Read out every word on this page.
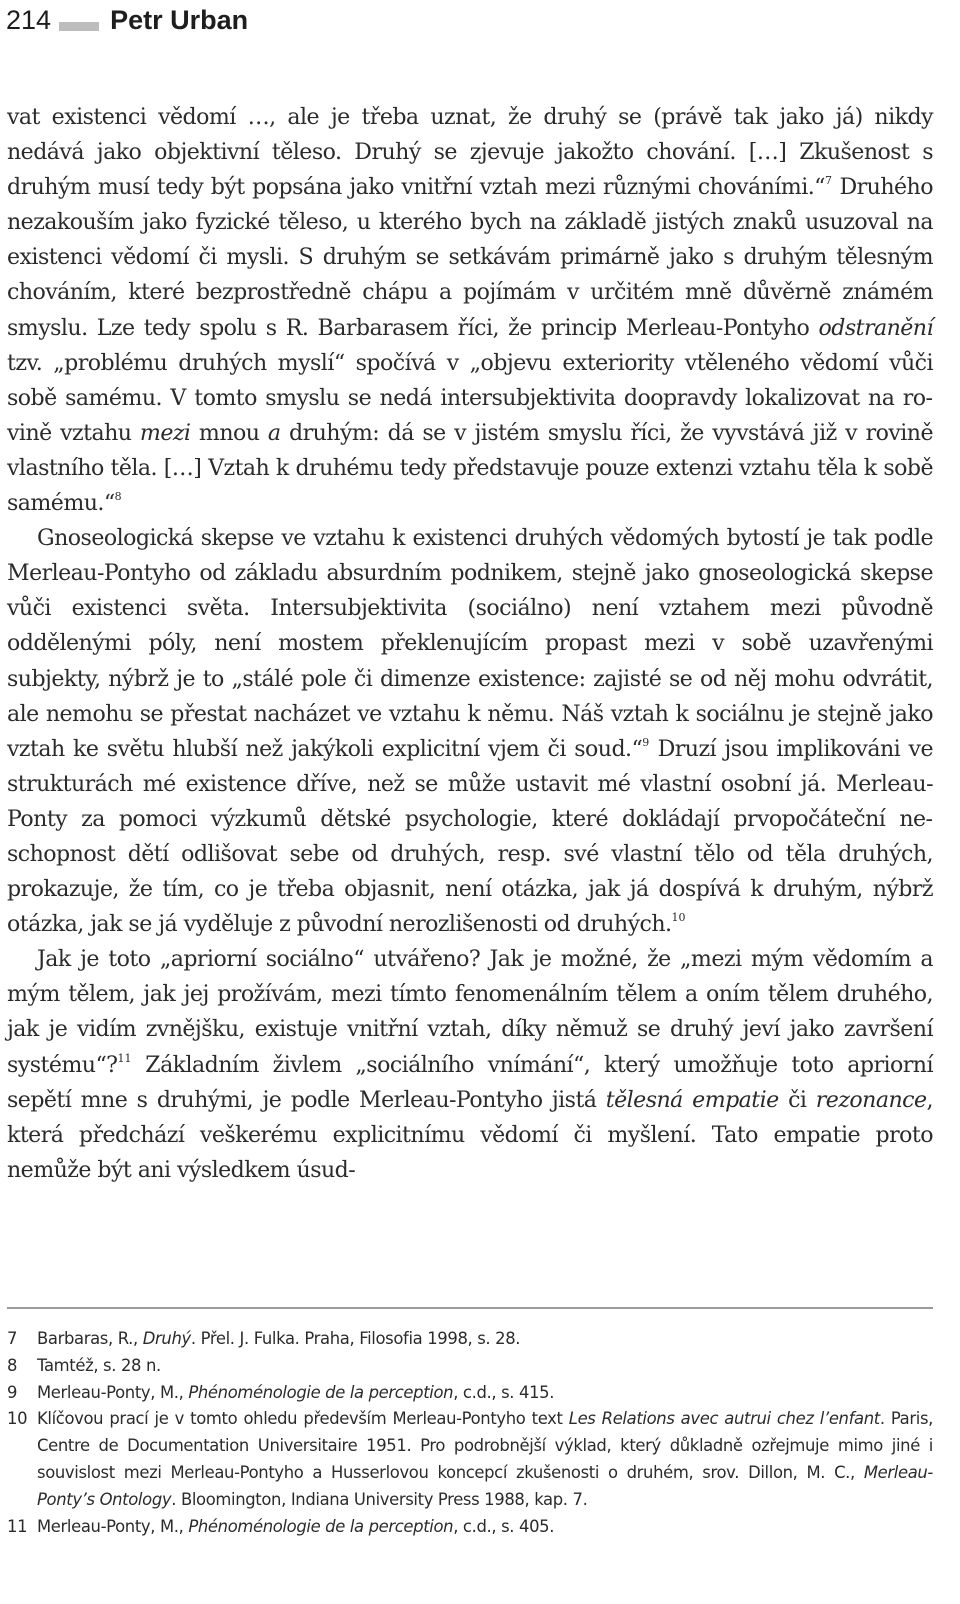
214 Petr Urban

vat existenci vědomí …, ale je třeba uznat, že druhý se (právě tak jako já) nikdy nedává jako objektivní těleso. Druhý se zjevuje jakožto chování. […] Zkušenost s druhým musí tedy být popsána jako vnitřní vztah mezi různými chováními.“$^7$ Druhého nezakouším jako fyzické těleso, u kterého bych na základě jistých znaků usuzoval na existenci vědomí či mysli. S druhým se setkávám primárně jako s druhým tělesným chováním, které bezprostředně chápu a pojímám v určitém mně důvěrně známém smyslu. Lze tedy spolu s R. Barbarasem říci, že princip Merleau-Pontyho odstranění tzv. „problému druhých myslí“ spočívá v „objevu exteriority vtěleného vědomí vůči sobě samému. V tomto smyslu se nedá intersubjektivita doopravdy lokalizovat na rovině vztahu mezi mnou a druhým: dá se v jistém smyslu říci, že vyvstává již v rovině vlastního těla. […] Vztah k druhému tedy představuje pouze extenzi vztahu těla k sobě samému.“$^8$

Gnoseologická skepse ve vztahu k existenci druhých vědomých bytostí je tak podle Merleau-Pontyho od základu absurdním podnikem, stejně jako gnoseologická skepse vůči existenci světa. Intersubjektivita (sociálno) není vztahem mezi původně oddělenými póly, není mostem překlenujícím propast mezi v sobě uzavřenými subjekty, nýbrž je to „stálé pole či dimenze existence: zajisté se od něj mohu odvrátit, ale nemohu se přestat nacházet ve vztahu k němu. Náš vztah k sociálnu je stejně jako vztah ke světu hlubší než jakýkoli explicitní vjem či soud.“$^9$ Druzí jsou implikováni ve strukturách mé existence dříve, než se může ustavit mé vlastní osobní já. Merleau-Ponty za pomoci výzkumů dětské psychologie, které dokládají prvopočáteční neschopnost dětí odlišovat sebe od druhých, resp. své vlastní tělo od těla druhých, prokazuje, že tím, co je třeba objasnit, není otázka, jak já dospívá k druhým, nýbrž otázka, jak se já vyděluje z původní nerozlišenosti od druhých.$^{10}$

Jak je toto „apriorní sociálno“ utvářeno? Jak je možné, že „mezi mým vědomím a mým tělem, jak jej prožívám, mezi tímto fenomenálním tělem a oním tělem druhého, jak je vidím zvnějšku, existuje vnitřní vztah, díky němuž se druhý jeví jako završení systému“?$^{11}$ Základním živlem „sociálního vnímání“, který umožňuje toto apriorní sepětí mne s druhými, je podle Merleau-Pontyho jistá tělesná empatie či rezonance, která předchází veškerému explicitnímu vědomí či myšlení. Tato empatie proto nemůže být ani výsledkem úsud-

7	Barbaras, R., Druhý. Přel. J. Fulka. Praha, Filosofia 1998, s. 28.
8	Tamtéž, s. 28 n.
9	Merleau-Ponty, M., Phénoménologie de la perception, c.d., s. 415.
10 Klíčovou prací je v tomto ohledu především Merleau-Pontyho text Les Relations avec autrui chez l’enfant. Paris, Centre de Documentation Universitaire 1951. Pro podrobnější výklad, který důkladně ozřejmuje mimo jiné i souvislost mezi Merleau-Pontyho a Husserlovou koncepcí zkušenosti o druhém, srov. Dillon, M. C., Merleau-Ponty’s Ontology. Bloomington, Indiana University Press 1988, kap. 7.
11 Merleau-Ponty, M., Phénoménologie de la perception, c.d., s. 405.
